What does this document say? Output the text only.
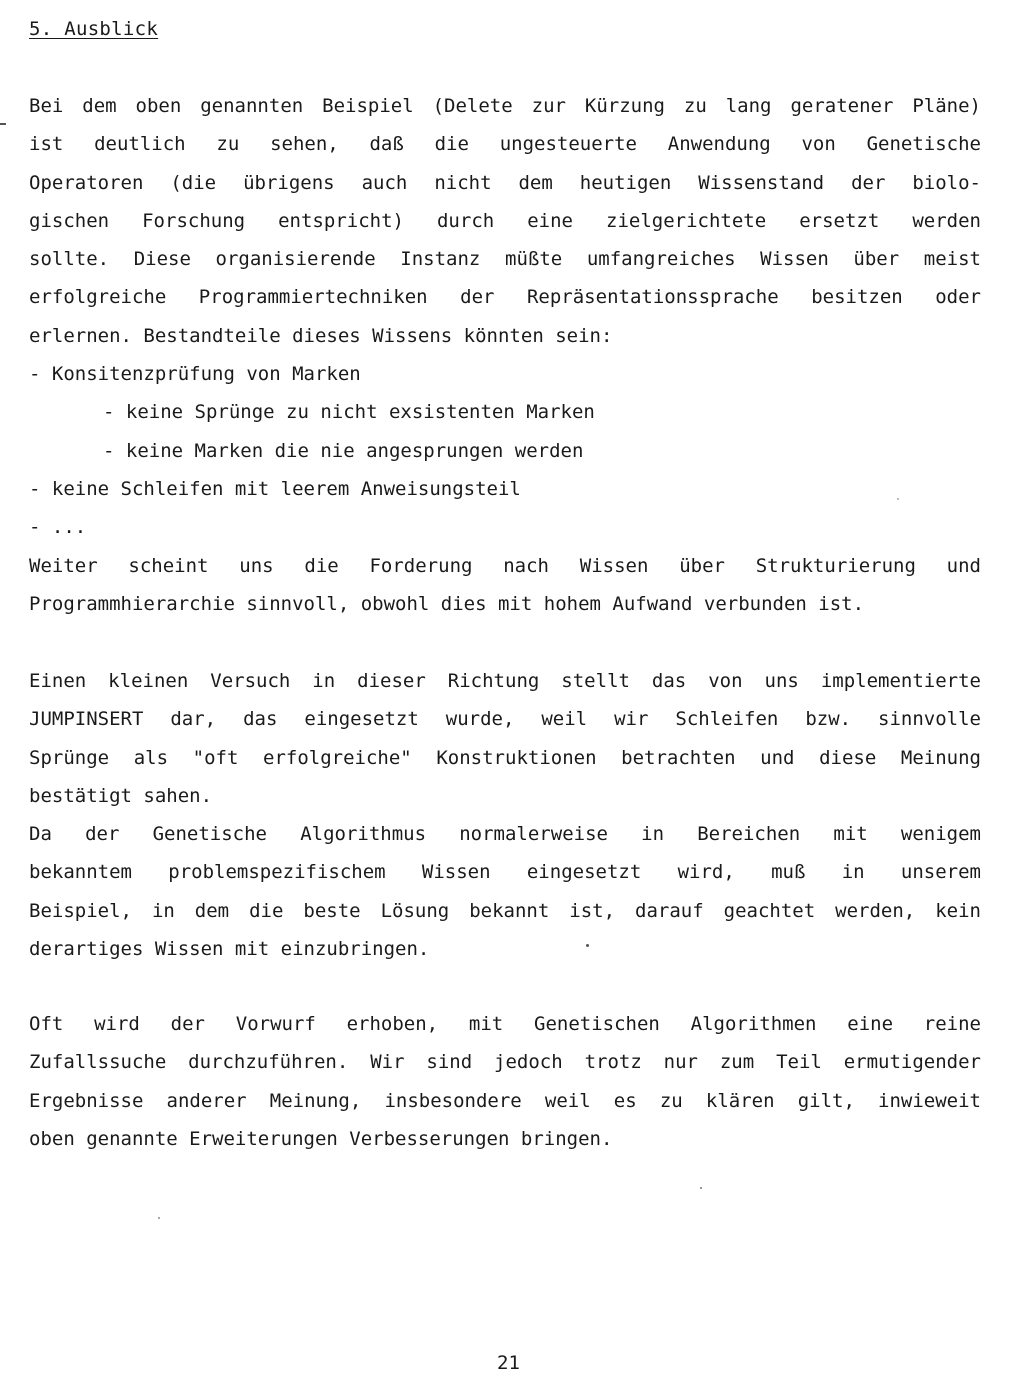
5. Ausblick
Bei dem oben genannten Beispiel (Delete zur Kürzung zu lang geratener Pläne)
ist deutlich zu sehen, daß die ungesteuerte Anwendung von Genetische
Operatoren (die übrigens auch nicht dem heutigen Wissenstand der biolo-
gischen Forschung entspricht) durch eine zielgerichtete ersetzt werden
sollte. Diese organisierende Instanz müßte umfangreiches Wissen über meist
erfolgreiche Programmiertechniken der Repräsentationssprache besitzen oder
erlernen. Bestandteile dieses Wissens könnten sein:
- Konsitenzprüfung von Marken
- keine Sprünge zu nicht exsistenten Marken
- keine Marken die nie angesprungen werden
- keine Schleifen mit leerem Anweisungsteil
- ...
Weiter scheint uns die Forderung nach Wissen über Strukturierung und
Programmhierarchie sinnvoll, obwohl dies mit hohem Aufwand verbunden ist.
Einen kleinen Versuch in dieser Richtung stellt das von uns implementierte
JUMPINSERT dar, das eingesetzt wurde, weil wir Schleifen bzw. sinnvolle
Sprünge als "oft erfolgreiche" Konstruktionen betrachten und diese Meinung
bestätigt sahen.
Da der Genetische Algorithmus normalerweise in Bereichen mit wenigem
bekanntem problemspezifischem Wissen eingesetzt wird, muß in unserem
Beispiel, in dem die beste Lösung bekannt ist, darauf geachtet werden, kein
derartiges Wissen mit einzubringen.
Oft wird der Vorwurf erhoben, mit Genetischen Algorithmen eine reine
Zufallssuche durchzuführen. Wir sind jedoch trotz nur zum Teil ermutigender
Ergebnisse anderer Meinung, insbesondere weil es zu klären gilt, inwieweit
oben genannte Erweiterungen Verbesserungen bringen.
21
